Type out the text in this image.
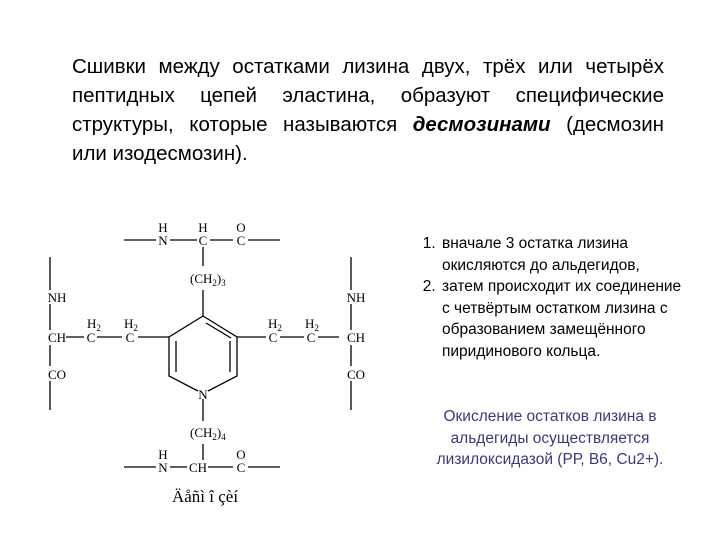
Сшивки между остатками лизина двух, трёх или четырёх пептидных цепей эластина, образуют специфические структуры, которые называются десмозинами (десмозин или изодесмозин).
H H O
N C C
$(CH_2)_3$
NH
CH
CO
$H_2$
C
$H_2$
C
$H_2$
C
$H_2$
C
NH
CH
CO
N
$(CH_2)_4$
H	O
N CH C
Äåñì î çèí
1. вначале 3 остатка лизина окисляются до альдегидов,
2. затем происходит их соединение с четвёртым остатком лизина с образованием замещённого пиридинового кольца.
Окисление остатков лизина в альдегиды осуществляется лизилоксидазой (РР, В6, Cu2+).
